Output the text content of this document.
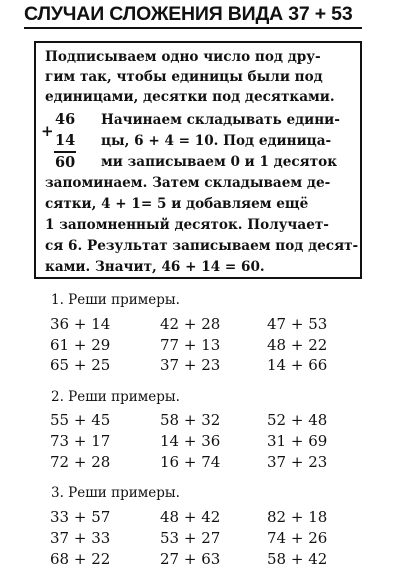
СЛУЧАИ СЛОЖЕНИЯ ВИДА 37 + 53
Подписываем одно число под дру-
гим так, чтобы единицы были под
единицами, десятки под десятками.
+
46
14
60
Начинаем складывать едини-
цы, 6 + 4 = 10. Под единица-
ми записываем 0 и 1 десяток
запоминаем. Затем складываем де-
сятки, 4 + 1= 5 и добавляем ещё
1 запомненный десяток. Получает-
ся 6. Результат записываем под десят-
ками. Значит, 46 + 14 = 60.
1. Реши примеры.
36 + 14	42 + 28	47 + 53
61 + 29	77 + 13	48 + 22
65 + 25	37 + 23	14 + 66
2. Реши примеры.
55 + 45	58 + 32	52 + 48
73 + 17	14 + 36	31 + 69
72 + 28	16 + 74	37 + 23
3. Реши примеры.
33 + 57	48 + 42	82 + 18
37 + 33	53 + 27	74 + 26
68 + 22	27 + 63	58 + 42
